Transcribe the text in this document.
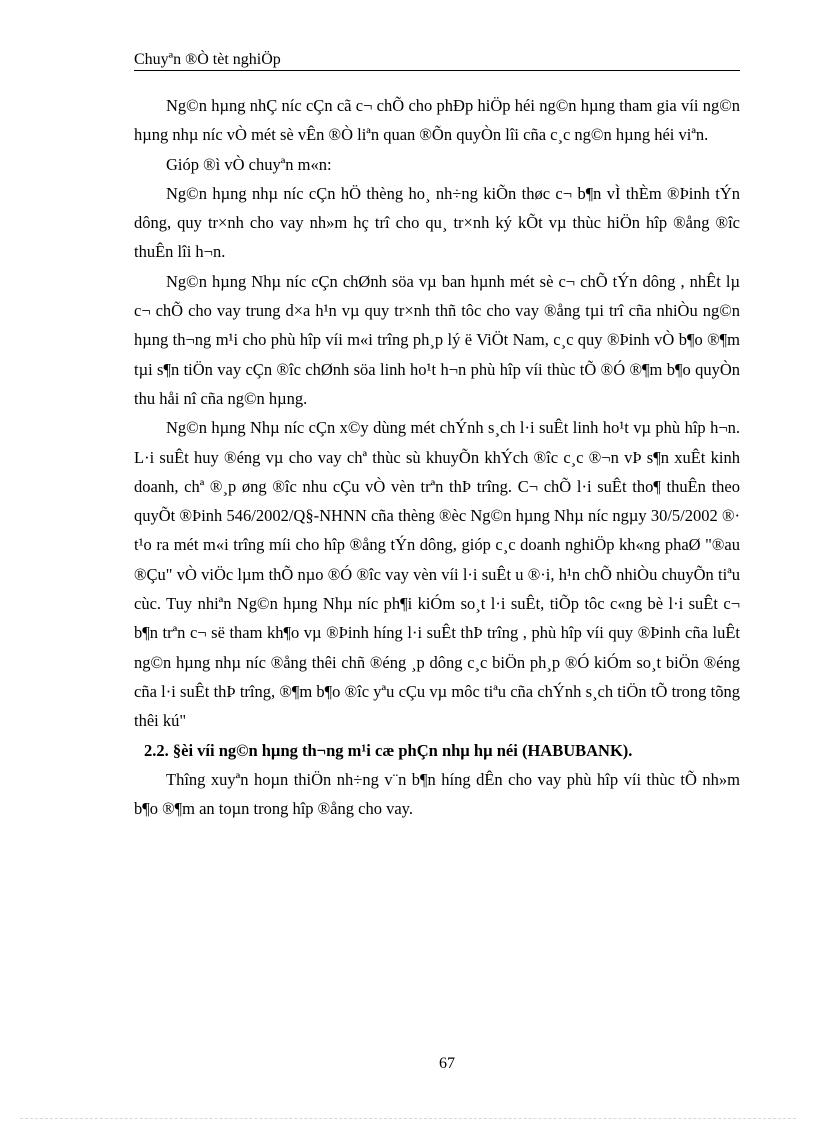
Chuyªn ®Ò tèt nghiÖp

Ng©n hµng nhÇ níc cÇn cã c¬ chÕ cho phÐp hiÖp héi ng©n hµng tham gia víi ng©n hµng nhµ níc vÒ mét sè vÊn ®Ò liªn quan ®Õn quyÒn lîi cña c¸c ng©n hµng héi viªn.

Gióp ®ì vÒ chuyªn m«n:

Ng©n hµng nhµ níc cÇn hÖ thèng ho¸ nh÷ng kiÕn thøc c¬ b¶n vÌ thÈm ®Þinh tÝn dông, quy tr×nh cho vay nh»m hç trî cho qu¸ tr×nh ký kÕt vµ thùc hiÖn hîp ®ång ®îc thuÊn lîi h¬n.

Ng©n hµng Nhµ níc cÇn chØnh söa vµ ban hµnh mét sè c¬ chÕ tÝn dông , nhÊt lµ c¬ chÕ cho vay trung d×a h¹n vµ quy tr×nh thñ tôc cho vay ®ång tµi trî cña nhiÒu ng©n hµng th¬ng m¹i cho phù hîp víi m«i trîng ph¸p lý ë ViÖt Nam, c¸c quy ®Þinh vÒ b¶o ®¶m tµi s¶n tiÖn vay cÇn ®îc chØnh söa linh ho¹t h¬n phù hîp víi thùc tÕ ®Ó ®¶m b¶o quyÒn thu håi nî cña ng©n hµng.

Ng©n hµng Nhµ níc cÇn x©y dùng mét chÝnh s¸ch l·i suÊt linh ho¹t vµ phù hîp h¬n. L·i suÊt huy ®éng vµ cho vay chª thùc sù khuyÕn khÝch ®îc c¸c ®¬n vÞ s¶n xuÊt kinh doanh, chª ®¸p øng ®îc nhu cÇu vÒ vèn trªn thÞ trîng. C¬ chÕ l·i suÊt tho¶ thuÊn theo quyÕt ®Þinh 546/2002/Q§-NHNN cña thèng ®èc Ng©n hµng Nhµ níc ngµy 30/5/2002 ®· t¹o ra mét m«i trîng míi cho hîp ®ång tÝn dông, gióp c¸c doanh nghiÖp kh«ng phaØ "®au ®Çu" vÒ viÖc lµm thÕ nµo ®Ó ®îc vay vèn víi l·i suÊt u ®·i, h¹n chÕ nhiÒu chuyÕn tiªu cùc. Tuy nhiªn Ng©n hµng Nhµ níc ph¶i kiÓm so¸t l·i suÊt, tiÕp tôc c«ng bè l·i suÊt c¬ b¶n trªn c¬ së tham kh¶o vµ ®Þinh híng l·i suÊt thÞ trîng , phù hîp víi quy ®Þinh cña luÊt ng©n hµng nhµ níc ®ång thêi chñ ®éng ¸p dông c¸c biÖn ph¸p ®Ó kiÓm so¸t biÖn ®éng cña l·i suÊt thÞ trîng, ®¶m b¶o ®îc yªu cÇu vµ môc tiªu cña chÝnh s¸ch tiÖn tÕ trong tõng thêi kú"

2.2. §èi víi ng©n hµng th¬ng m¹i cæ phÇn nhµ hµ néi (HABUBANK).

Thîng xuyªn hoµn thiÖn nh÷ng v¨n b¶n híng dÊn cho vay phù hîp víi thùc tÕ nh»m b¶o ®¶m an toµn trong hîp ®ång cho vay.

67
